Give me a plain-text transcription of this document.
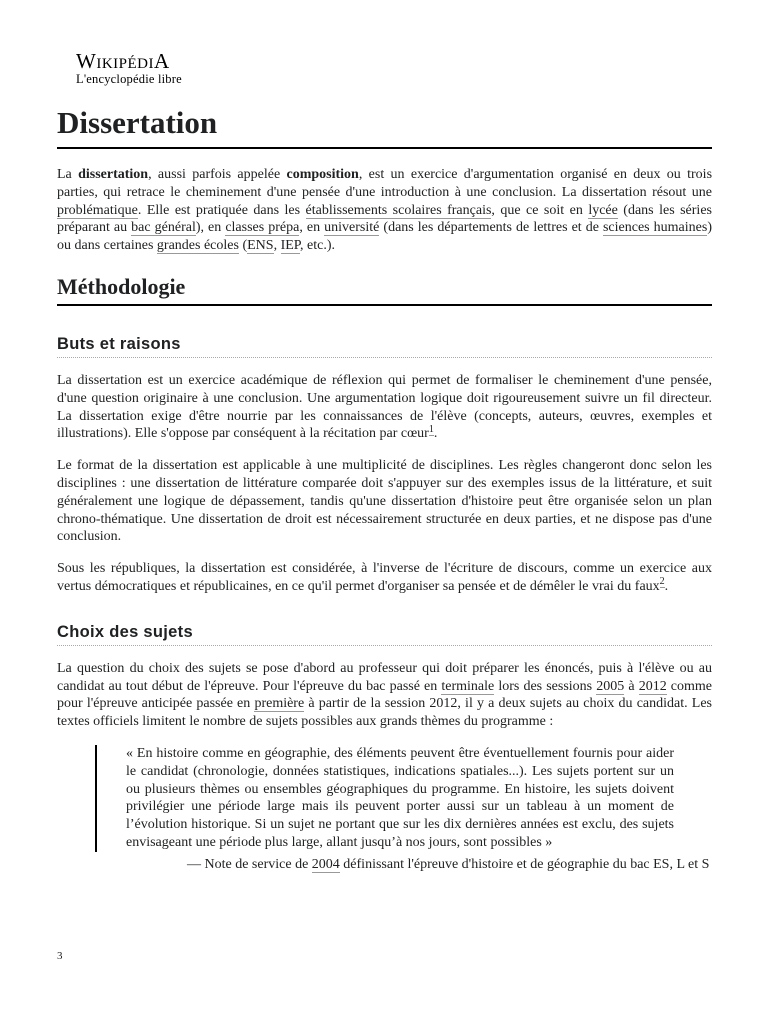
WikipédiA
L'encyclopédie libre
Dissertation

La dissertation, aussi parfois appelée composition, est un exercice d'argumentation organisé en deux ou trois parties, qui retrace le cheminement d'une pensée d'une introduction à une conclusion. La dissertation résout une problématique. Elle est pratiquée dans les établissements scolaires français, que ce soit en lycée (dans les séries préparant au bac général), en classes prépa, en université (dans les départements de lettres et de sciences humaines) ou dans certaines grandes écoles (ENS, IEP, etc.).

Méthodologie
Buts et raisons

La dissertation est un exercice académique de réflexion qui permet de formaliser le cheminement d'une pensée, d'une question originaire à une conclusion. Une argumentation logique doit rigoureusement suivre un fil directeur. La dissertation exige d'être nourrie par les connaissances de l'élève (concepts, auteurs, œuvres, exemples et illustrations). Elle s'oppose par conséquent à la récitation par cœur$^1$.

Le format de la dissertation est applicable à une multiplicité de disciplines. Les règles changeront donc selon les disciplines : une dissertation de littérature comparée doit s'appuyer sur des exemples issus de la littérature, et suit généralement une logique de dépassement, tandis qu'une dissertation d'histoire peut être organisée selon un plan chrono-thématique. Une dissertation de droit est nécessairement structurée en deux parties, et ne dispose pas d'une conclusion.

Sous les républiques, la dissertation est considérée, à l'inverse de l'écriture de discours, comme un exercice aux vertus démocratiques et républicaines, en ce qu'il permet d'organiser sa pensée et de démêler le vrai du faux$^2$.

Choix des sujets

La question du choix des sujets se pose d'abord au professeur qui doit préparer les énoncés, puis à l'élève ou au candidat au tout début de l'épreuve. Pour l'épreuve du bac passé en terminale lors des sessions 2005 à 2012 comme pour l'épreuve anticipée passée en première à partir de la session 2012, il y a deux sujets au choix du candidat. Les textes officiels limitent le nombre de sujets possibles aux grands thèmes du programme :

« En histoire comme en géographie, des éléments peuvent être éventuellement fournis pour aider le candidat (chronologie, données statistiques, indications spatiales...). Les sujets portent sur un ou plusieurs thèmes ou ensembles géographiques du programme. En histoire, les sujets doivent privilégier une période large mais ils peuvent porter aussi sur un tableau à un moment de l’évolution historique. Si un sujet ne portant que sur les dix dernières années est exclu, des sujets envisageant une période plus large, allant jusqu’à nos jours, sont possibles »

— Note de service de 2004 définissant l'épreuve d'histoire et de géographie du bac ES, L et S
3
